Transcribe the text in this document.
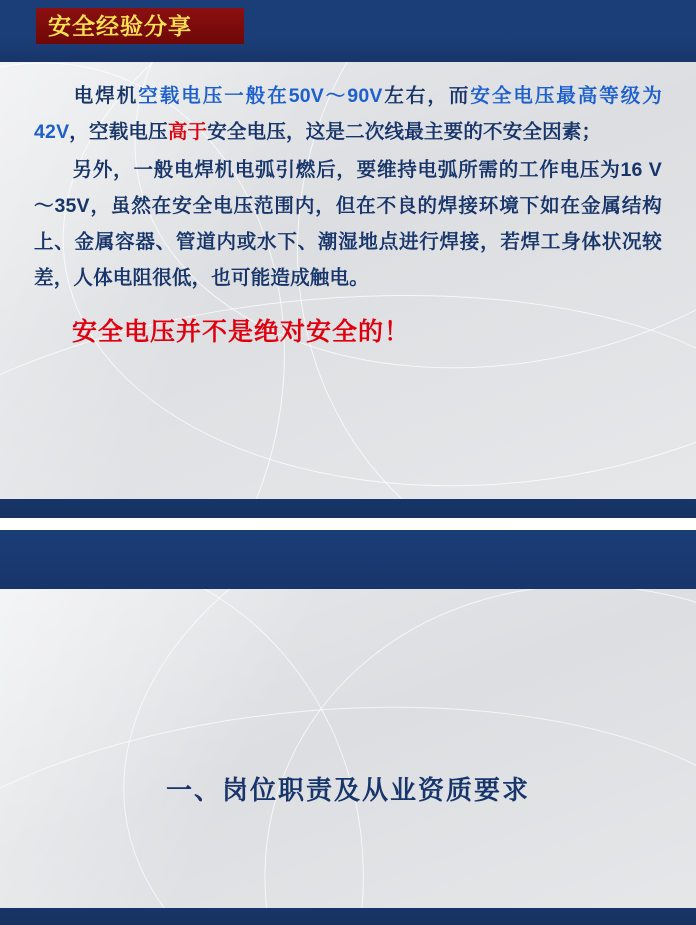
安全经验分享

电焊机空载电压一般在50V～90V左右，而安全电压最高等级为42V，空载电压高于安全电压，这是二次线最主要的不安全因素；

另外，一般电焊机电弧引燃后，要维持电弧所需的工作电压为16 V～35V，虽然在安全电压范围内，但在不良的焊接环境下如在金属结构上、金属容器、管道内或水下、潮湿地点进行焊接，若焊工身体状况较差，人体电阻很低，也可能造成触电。

安全电压并不是绝对安全的！
一、岗位职责及从业资质要求
